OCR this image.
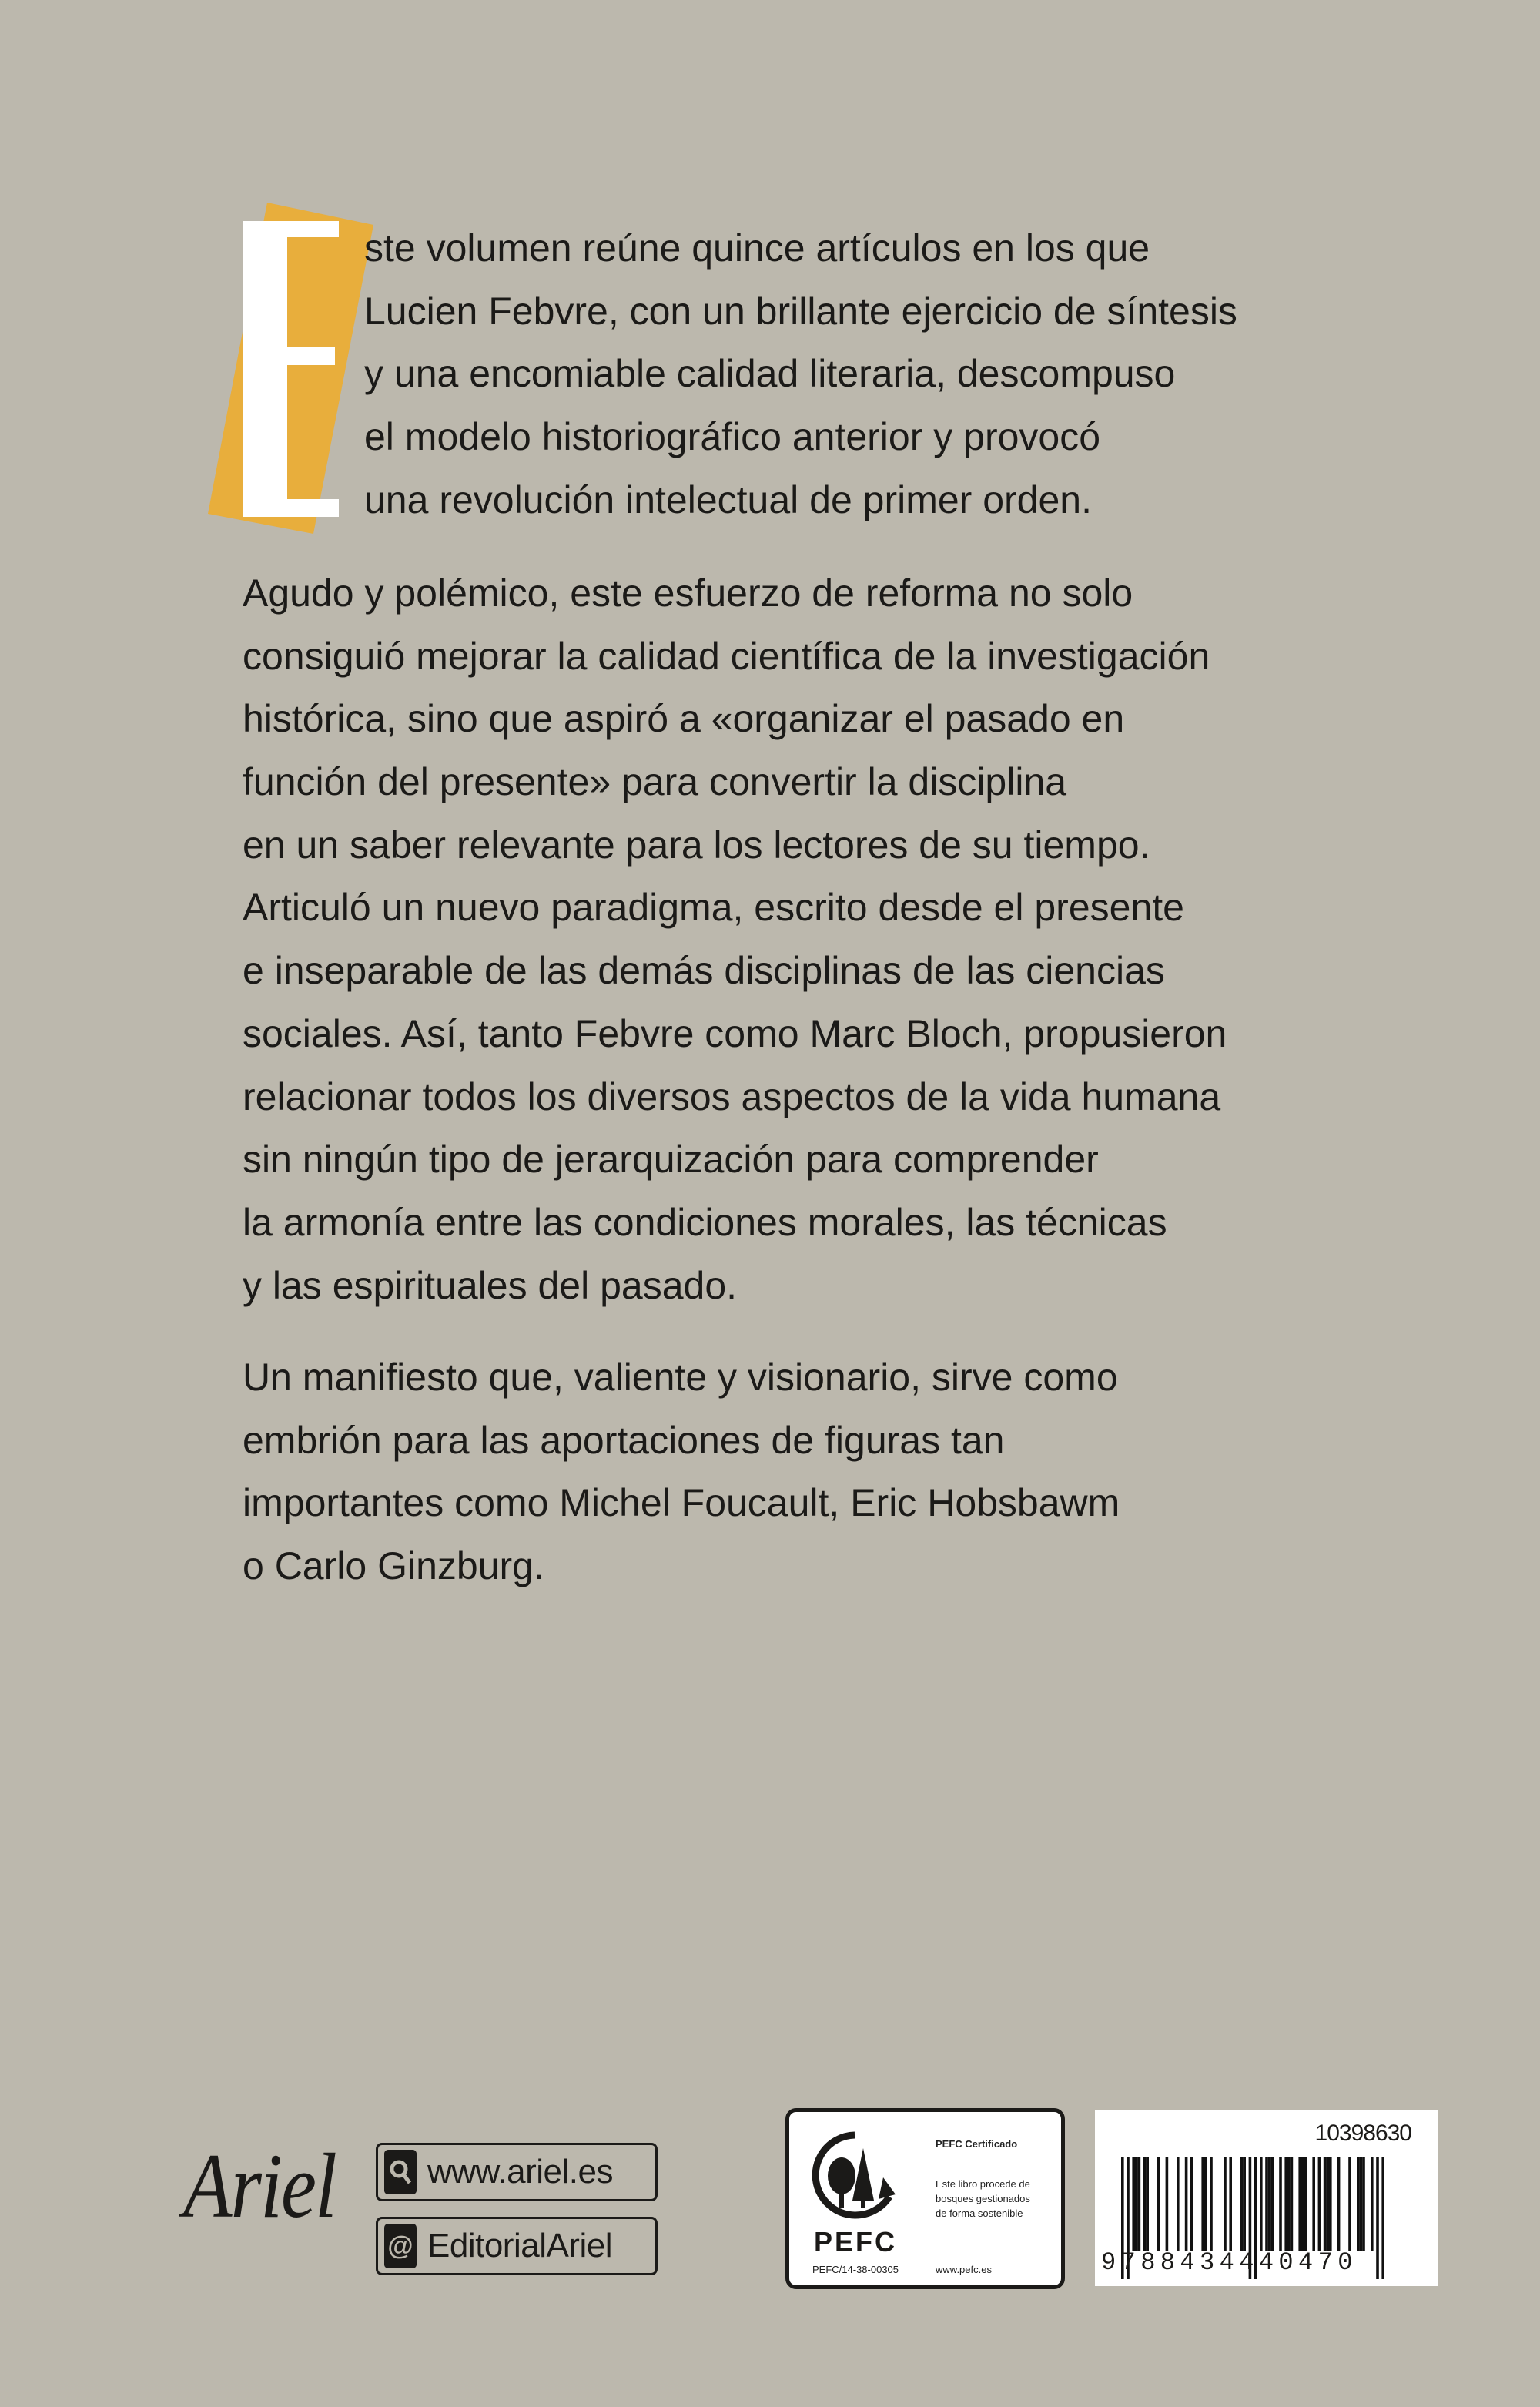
ste volumen reúne quince artículos en los que
Lucien Febvre, con un brillante ejercicio de síntesis
y una encomiable calidad literaria, descompuso
el modelo historiográfico anterior y provocó
una revolución intelectual de primer orden.
Agudo y polémico, este esfuerzo de reforma no solo
consiguió mejorar la calidad científica de la investigación
histórica, sino que aspiró a «organizar el pasado en
función del presente» para convertir la disciplina
en un saber relevante para los lectores de su tiempo.
Articuló un nuevo paradigma, escrito desde el presente
e inseparable de las demás disciplinas de las ciencias
sociales. Así, tanto Febvre como Marc Bloch, propusieron
relacionar todos los diversos aspectos de la vida humana
sin ningún tipo de jerarquización para comprender
la armonía entre las condiciones morales, las técnicas
y las espirituales del pasado.
Un manifiesto que, valiente y visionario, sirve como
embrión para las aportaciones de figuras tan
importantes como Michel Foucault, Eric Hobsbawm
o Carlo Ginzburg.
Ariel	www.ariel.es
@ EditorialAriel	PEFC
PEFC Certificado
Este libro procede de
bosques gestionados
de forma sostenible
PEFC/14-38-00305	www.pefc.es
10398630
9788434440470
